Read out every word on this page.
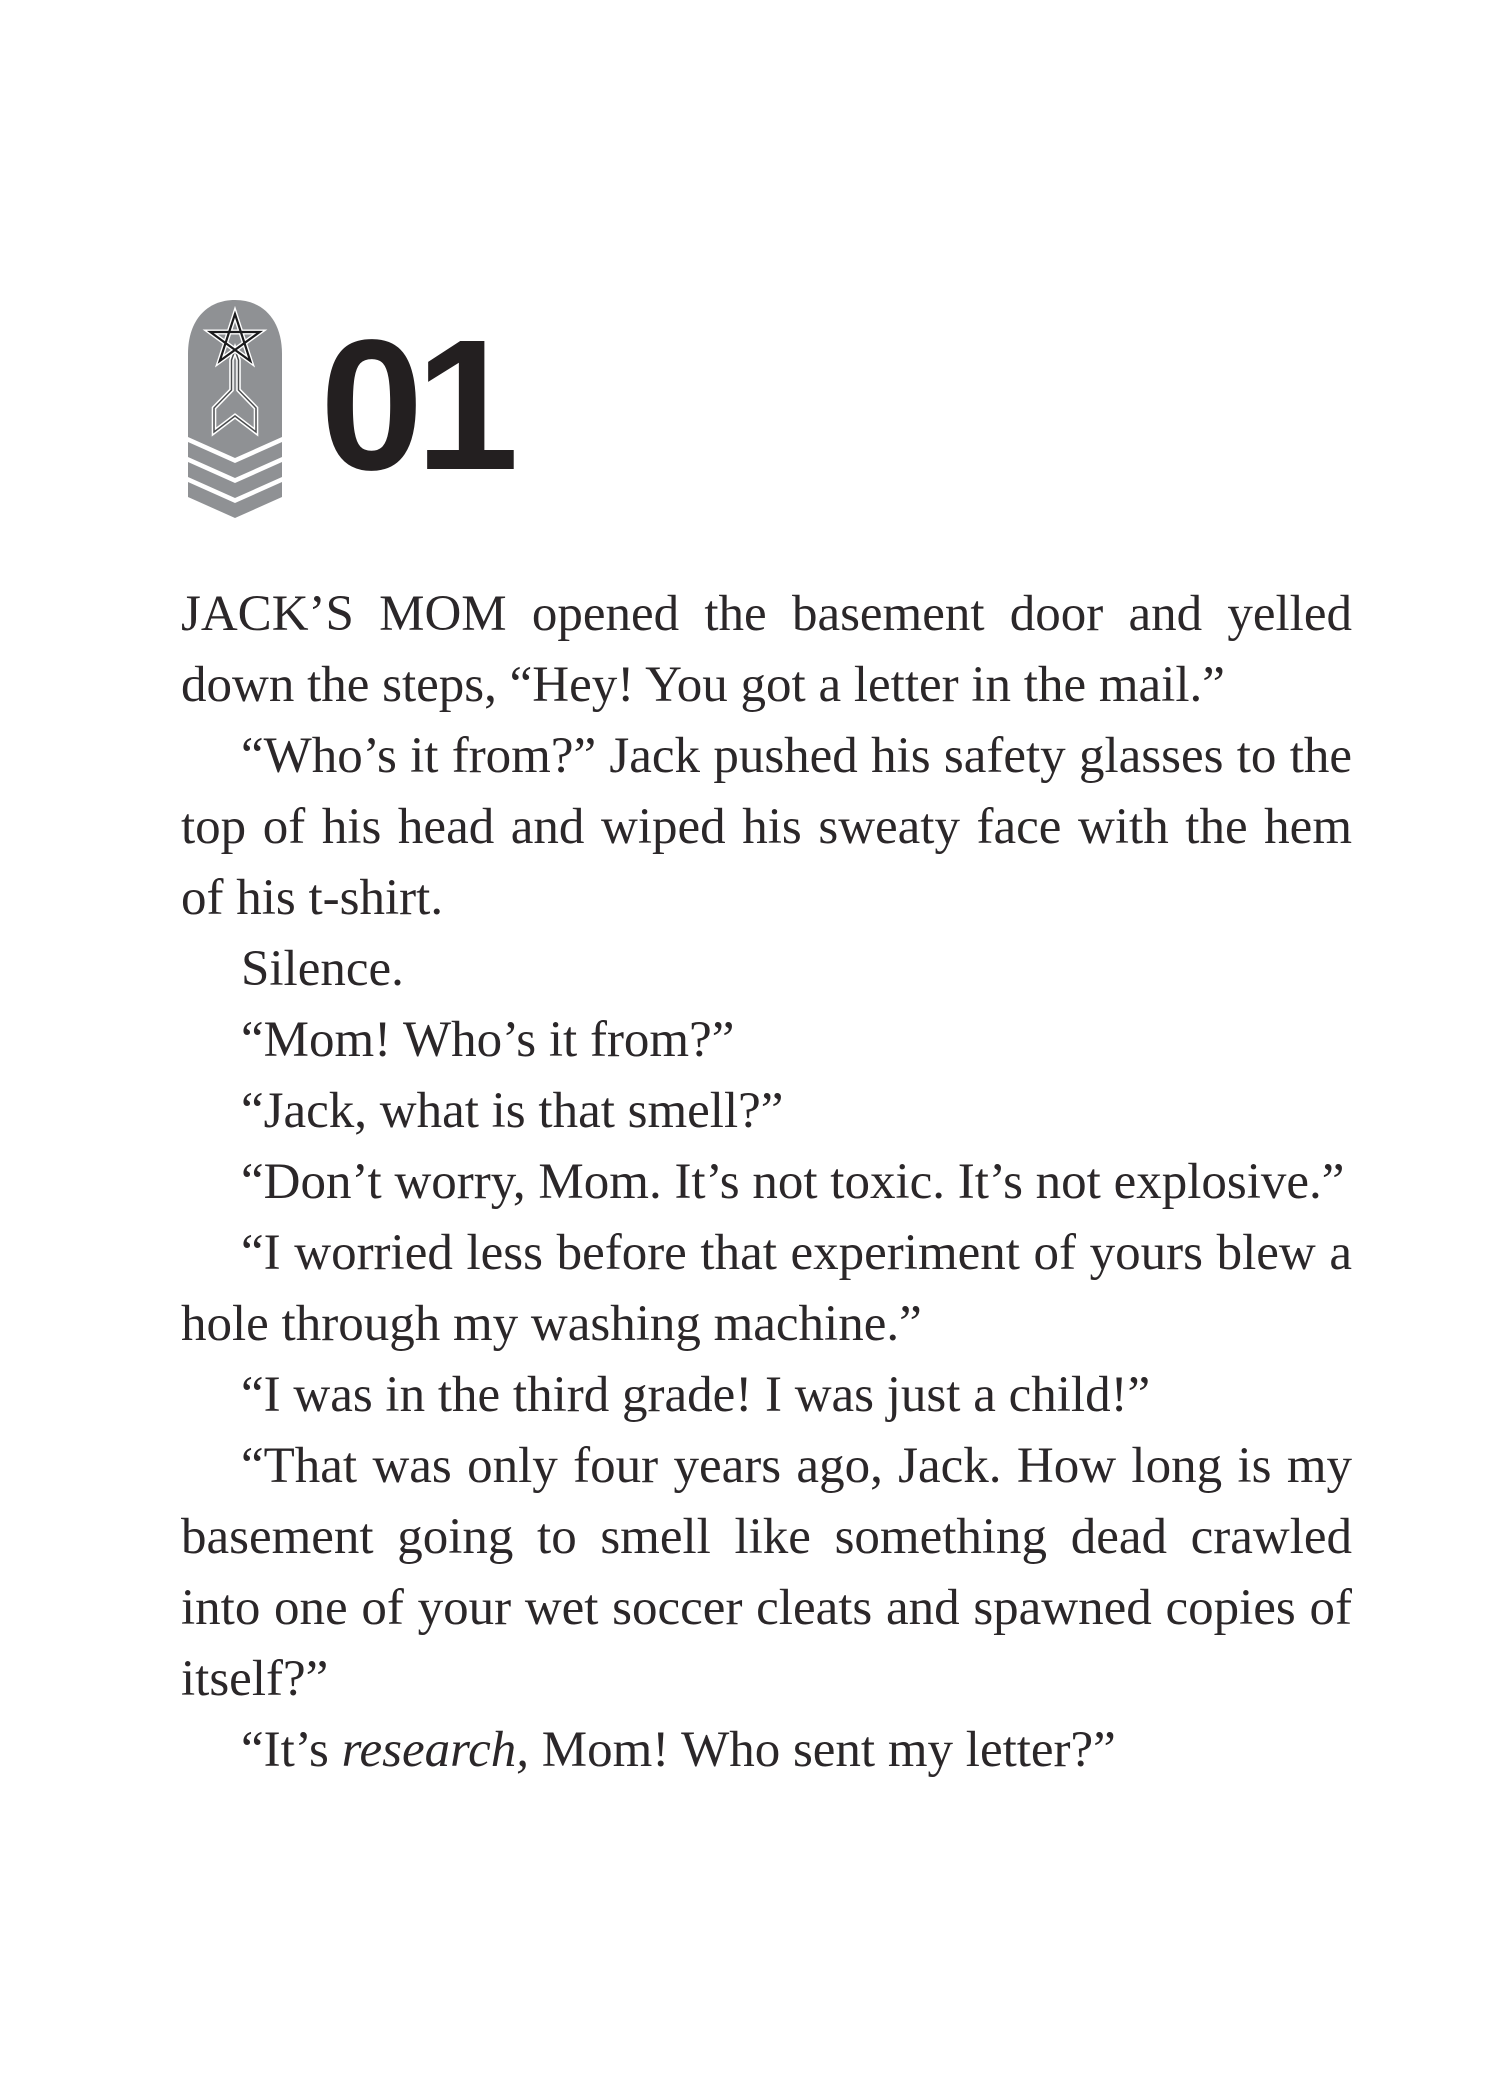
01

JACK’S MOM opened the basement door and yelled down the steps, “Hey! You got a letter in the mail.”

“Who’s it from?” Jack pushed his safety glasses to the top of his head and wiped his sweaty face with the hem of his t-shirt.

Silence.

“Mom! Who’s it from?”

“Jack, what is that smell?”

“Don’t worry, Mom. It’s not toxic. It’s not explosive.”

“I worried less before that experiment of yours blew a hole through my washing machine.”

“I was in the third grade! I was just a child!”

“That was only four years ago, Jack. How long is my basement going to smell like something dead crawled into one of your wet soccer cleats and spawned copies of itself?”

“It’s research, Mom! Who sent my letter?”
